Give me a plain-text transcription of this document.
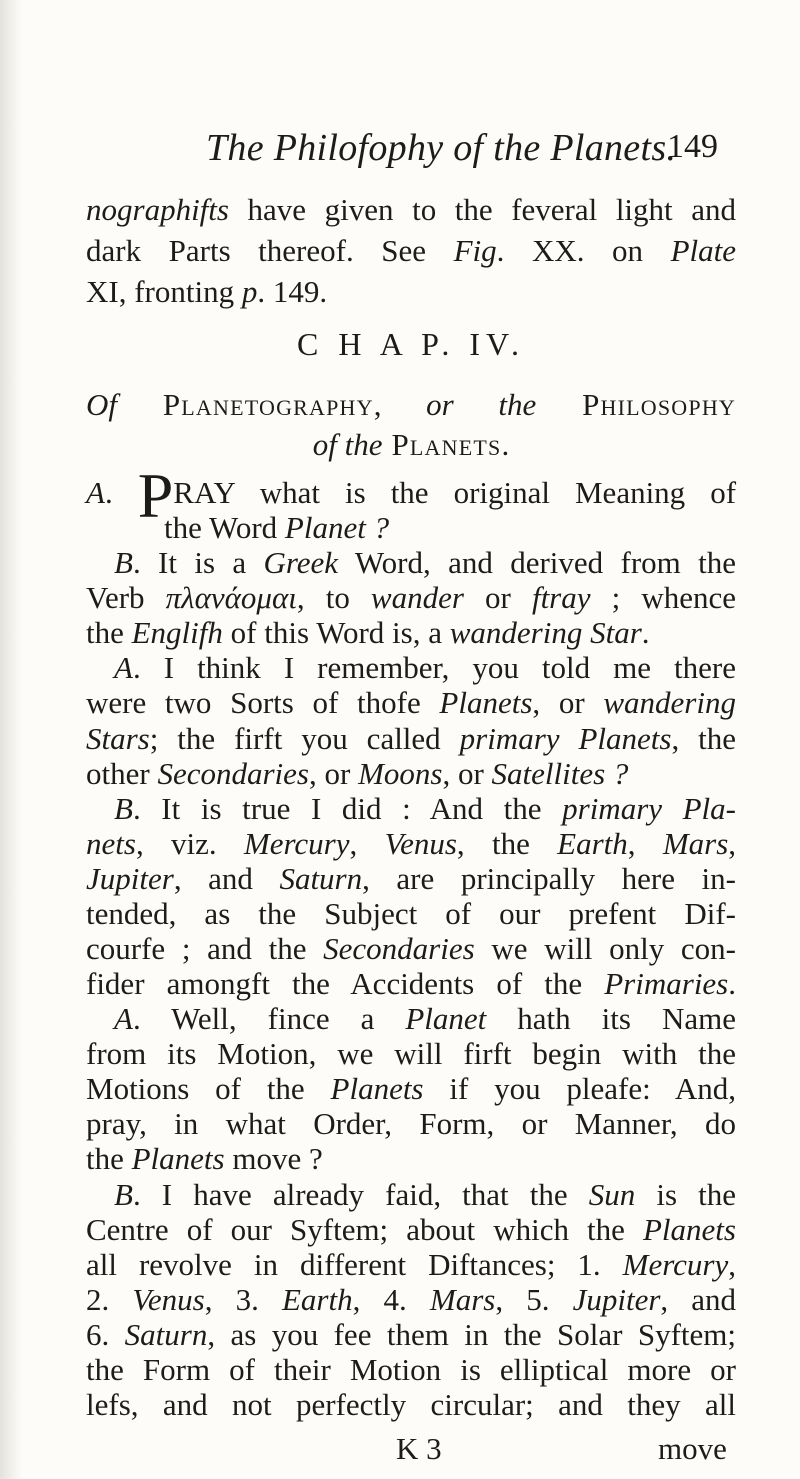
The Philofophy of the Planets.
149
nographifts have given to the feveral light and
dark Parts thereof. See Fig. XX. on Plate
XI, fronting p. 149.
C H A P. IV.
Of Planetography, or the Philosophy
of the Planets.
A. PRAY what is the original Meaning of
the Word Planet ?
B. It is a Greek Word, and derived from the
Verb πλανάομαι, to wander or ftray ; whence
the Englifh of this Word is, a wandering Star.
A. I think I remember, you told me there
were two Sorts of thofe Planets, or wandering
Stars; the firft you called primary Planets, the
other Secondaries, or Moons, or Satellites ?
B. It is true I did : And the primary Pla-
nets, viz. Mercury, Venus, the Earth, Mars,
Jupiter, and Saturn, are principally here in-
tended, as the Subject of our prefent Dif-
courfe ; and the Secondaries we will only con-
fider amongft the Accidents of the Primaries.
A. Well, fince a Planet hath its Name
from its Motion, we will firft begin with the
Motions of the Planets if you pleafe: And,
pray, in what Order, Form, or Manner, do
the Planets move ?
B. I have already faid, that the Sun is the
Centre of our Syftem; about which the Planets
all revolve in different Diftances; 1. Mercury,
2. Venus, 3. Earth, 4. Mars, 5. Jupiter, and
6. Saturn, as you fee them in the Solar Syftem;
the Form of their Motion is elliptical more or
lefs, and not perfectly circular; and they all
K 3	move
